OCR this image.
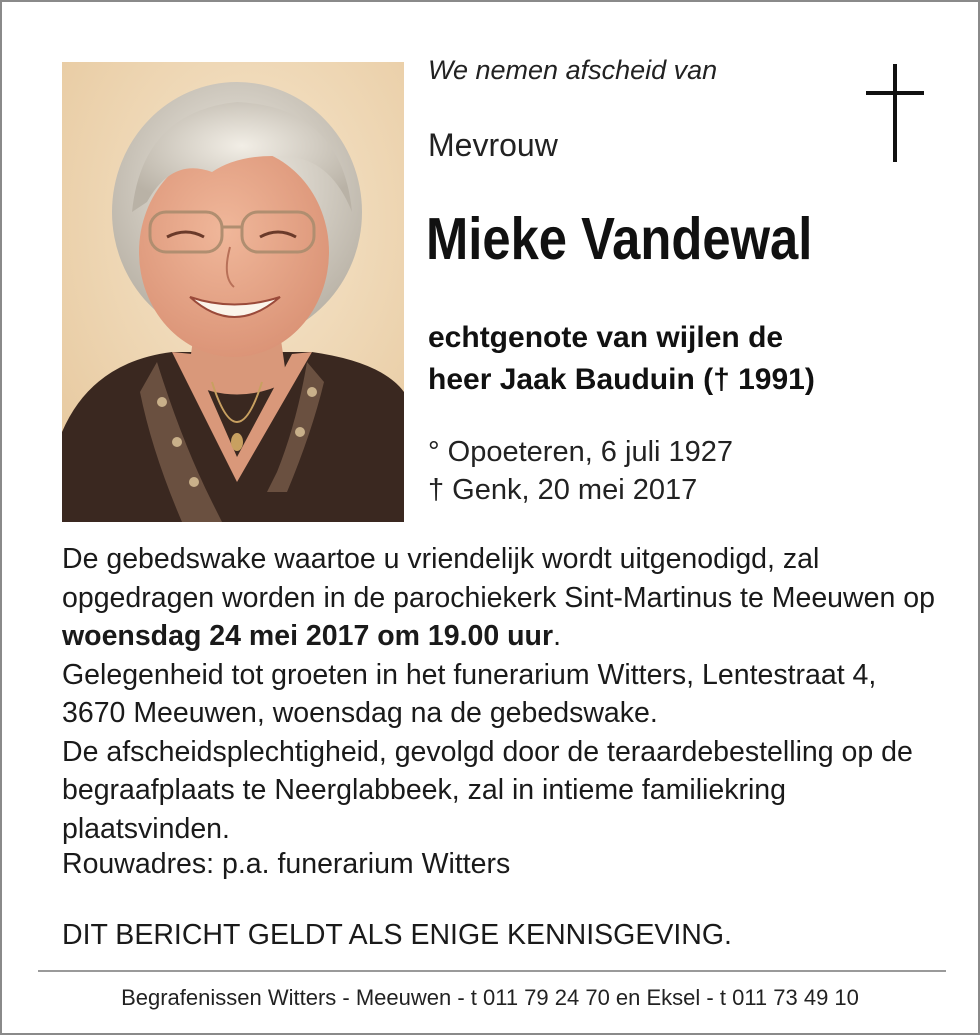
We nemen afscheid van
Mevrouw
Mieke Vandewal
echtgenote van wijlen de
heer Jaak Bauduin († 1991)
° Opoeteren, 6 juli 1927
† Genk, 20 mei 2017

De gebedswake waartoe u vriendelijk wordt uitgenodigd, zal opgedragen worden in de parochiekerk Sint-Martinus te Meeuwen op woensdag 24 mei 2017 om 19.00 uur.

Gelegenheid tot groeten in het funerarium Witters, Lentestraat 4, 3670 Meeuwen, woensdag na de gebedswake.

De afscheidsplechtigheid, gevolgd door de teraardebestelling op de begraafplaats te Neerglabbeek, zal in intieme familiekring plaatsvinden.

Rouwadres: p.a. funerarium Witters
DIT BERICHT GELDT ALS ENIGE KENNISGEVING.
Begrafenissen Witters - Meeuwen - t 011 79 24 70 en Eksel - t 011 73 49 10
